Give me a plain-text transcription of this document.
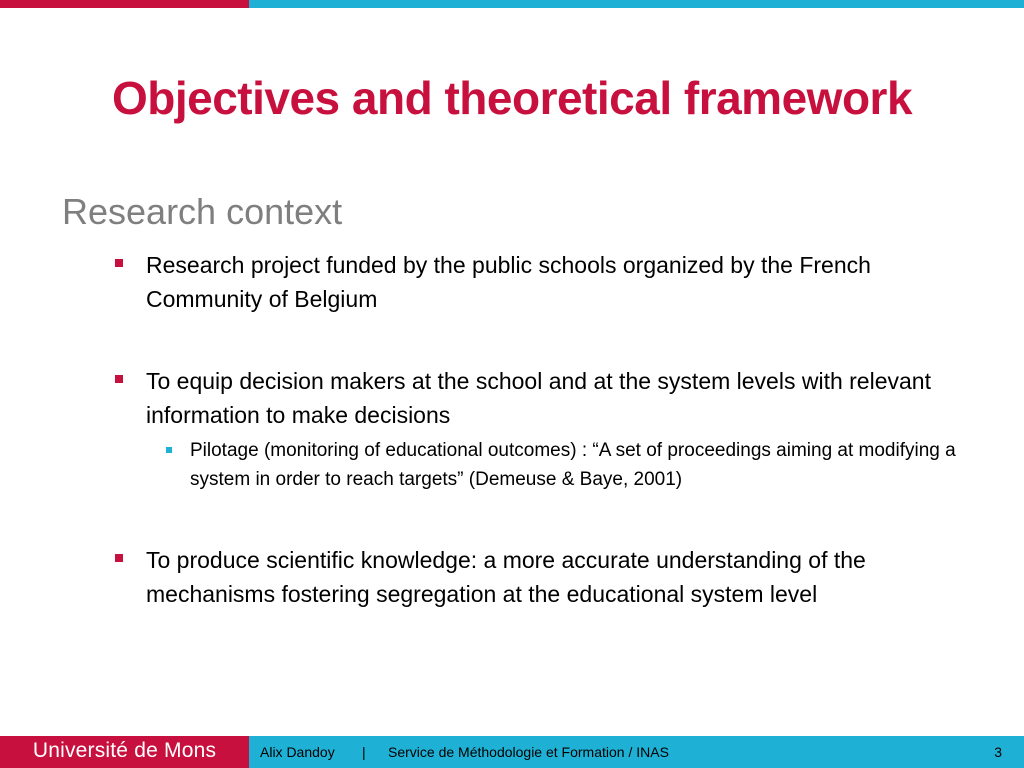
Objectives and theoretical framework
Research context
Research project funded by the public schools organized by the French Community of Belgium
To equip decision makers at the school and at the system levels with relevant information to make decisions
Pilotage (monitoring of educational outcomes) : “A set of proceedings aiming at modifying a system in order to reach targets” (Demeuse & Baye, 2001)
To produce scientific knowledge: a more accurate understanding of the mechanisms fostering segregation at the educational system level
Université de Mons	Alix Dandoy | Service de Méthodologie et Formation / INAS	3
